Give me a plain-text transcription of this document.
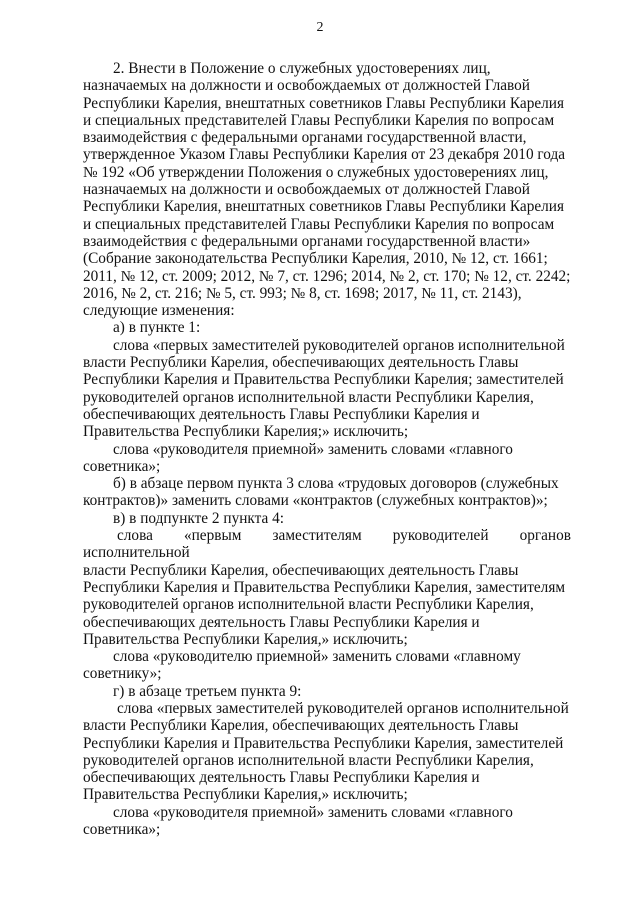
2

2. Внести в Положение о служебных удостоверениях лиц,
назначаемых на должности и освобождаемых от должностей Главой
Республики Карелия, внештатных советников Главы Республики Карелия
и специальных представителей Главы Республики Карелия по вопросам
взаимодействия с федеральными органами государственной власти,
утвержденное Указом Главы Республики Карелия от 23 декабря 2010 года
№ 192 «Об утверждении Положения о служебных удостоверениях лиц,
назначаемых на должности и освобождаемых от должностей Главой
Республики Карелия, внештатных советников Главы Республики Карелия
и специальных представителей Главы Республики Карелия по вопросам
взаимодействия с федеральными органами государственной власти»
(Собрание законодательства Республики Карелия, 2010, № 12, ст. 1661;
2011, № 12, ст. 2009; 2012, № 7, ст. 1296; 2014, № 2, ст. 170; № 12, ст. 2242;
2016, № 2, ст. 216; № 5, ст. 993; № 8, ст. 1698; 2017, № 11, ст. 2143),
следующие изменения:

а) в пункте 1:

слова «первых заместителей руководителей органов исполнительной
власти Республики Карелия, обеспечивающих деятельность Главы
Республики Карелия и Правительства Республики Карелия; заместителей
руководителей органов исполнительной власти Республики Карелия,
обеспечивающих деятельность Главы Республики Карелия и
Правительства Республики Карелия;» исключить;

слова «руководителя приемной» заменить словами «главного
советника»;

б) в абзаце первом пункта 3 слова «трудовых договоров (служебных
контрактов)» заменить словами «контрактов (служебных контрактов)»;

в) в подпункте 2 пункта 4:

слова «первым заместителям руководителей органов исполнительной
власти Республики Карелия, обеспечивающих деятельность Главы
Республики Карелия и Правительства Республики Карелия, заместителям
руководителей органов исполнительной власти Республики Карелия,
обеспечивающих деятельность Главы Республики Карелия и
Правительства Республики Карелия,» исключить;

слова «руководителю приемной» заменить словами «главному
советнику»;

г) в абзаце третьем пункта 9:

слова «первых заместителей руководителей органов исполнительной
власти Республики Карелия, обеспечивающих деятельность Главы
Республики Карелия и Правительства Республики Карелия, заместителей
руководителей органов исполнительной власти Республики Карелия,
обеспечивающих деятельность Главы Республики Карелия и
Правительства Республики Карелия,» исключить;

слова «руководителя приемной» заменить словами «главного
советника»;
